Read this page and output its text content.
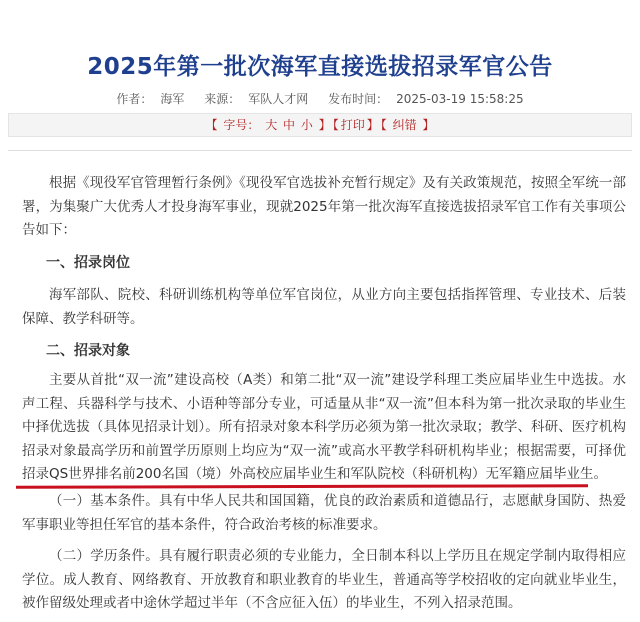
2025年第一批次海军直接选拔招录军官公告
作者： 海军 来源： 军队人才网 发布时间： 2025-03-19 15:58:25
【 字号： 大 中 小 】 【 打印 】 【 纠错 】

根据《现役军官管理暂行条例》《现役军官选拔补充暂行规定》及有关政策规范，按照全军统一部署，为集聚广大优秀人才投身海军事业，现就2025年第一批次海军直接选拔招录军官工作有关事项公告如下：

一、招录岗位

海军部队、院校、科研训练机构等单位军官岗位，从业方向主要包括指挥管理、专业技术、后装保障、教学科研等。

二、招录对象

主要从首批“双一流”建设高校（A类）和第二批“双一流”建设学科理工类应届毕业生中选拔。水声工程、兵器科学与技术、小语种等部分专业，可适量从非“双一流”但本科为第一批次录取的毕业生中择优选拔（具体见招录计划）。所有招录对象本科学历必须为第一批次录取；教学、科研、医疗机构招录对象最高学历和前置学历原则上均应为“双一流”或高水平教学科研机构毕业；根据需要，可择优招录QS世界排名前200名国（境）外高校应届毕业生和军队院校（科研机构）无军籍应届毕业生。

（一）基本条件。具有中华人民共和国国籍，优良的政治素质和道德品行，志愿献身国防、热爱军事职业等担任军官的基本条件，符合政治考核的标准要求。

（二）学历条件。具有履行职责必须的专业能力，全日制本科以上学历且在规定学制内取得相应学位。成人教育、网络教育、开放教育和职业教育的毕业生，普通高等学校招收的定向就业毕业生，被作留级处理或者中途休学超过半年（不含应征入伍）的毕业生，不列入招录范围。
